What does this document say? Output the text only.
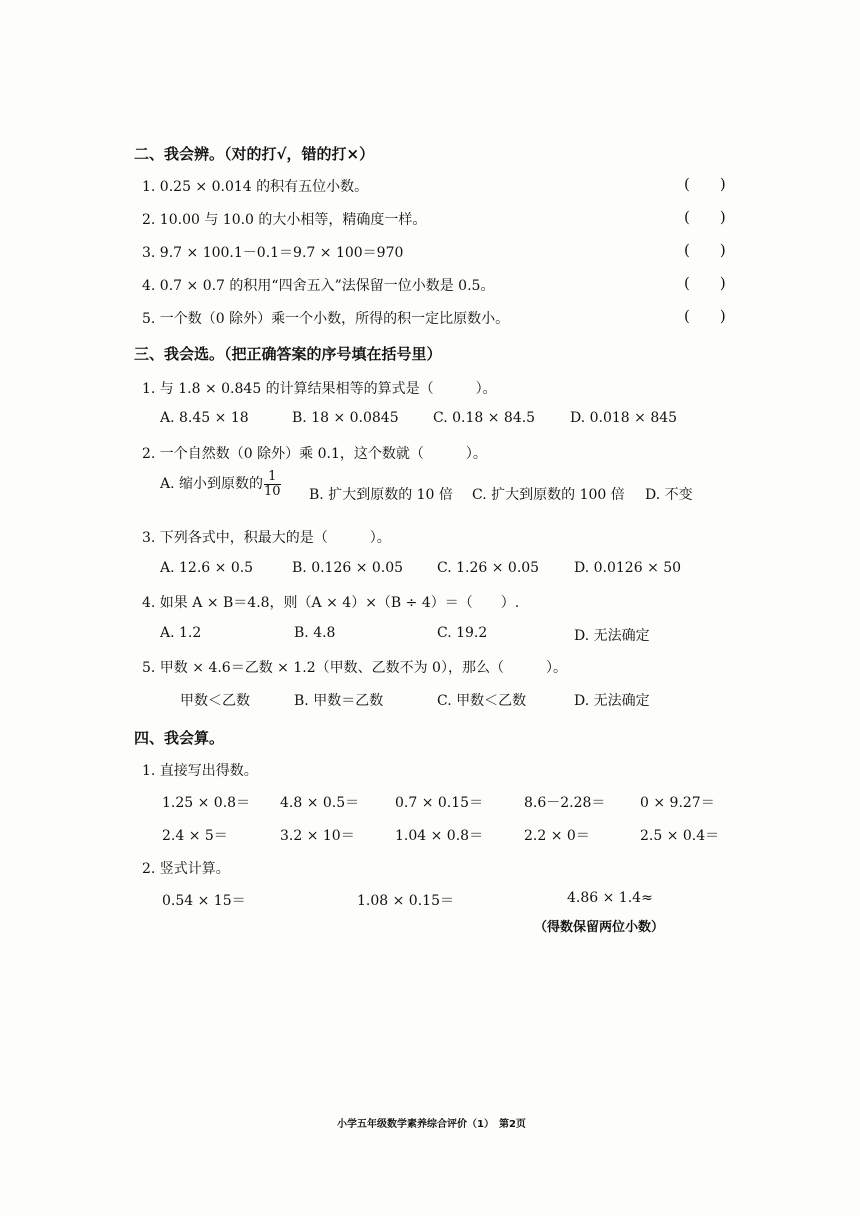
二、我会辨。（对的打√，错的打×）
1. 0.25 × 0.014 的积有五位小数。	(　　)
2. 10.00 与 10.0 的大小相等，精确度一样。	(　　)
3. 9.7 × 100.1－0.1＝9.7 × 100＝970	(　　)
4. 0.7 × 0.7 的积用“四舍五入”法保留一位小数是 0.5。	(　　)
5. 一个数（0 除外）乘一个小数，所得的积一定比原数小。	(　　)
三、我会选。（把正确答案的序号填在括号里）
1. 与 1.8 × 0.845 的计算结果相等的算式是（　　　）。
A. 8.45 × 18	B. 18 × 0.0845 C. 0.18 × 84.5 D. 0.018 × 845
2. 一个自然数（0 除外）乘 0.1，这个数就（　　　）。
A. 缩小到原数的 $\frac{1}{10} B$. 扩大到原数的 10 倍 C. 扩大到原数的 100 倍 D. 不变
3. 下列各式中，积最大的是（　　　）。
A. 12.6 × 0.5	B. 0.126 × 0.05 C. 1.26 × 0.05 D. 0.0126 × 50
4. 如果 A × B＝4.8，则（A × 4）×（B ÷ 4）＝（　　）.
A. 1.2	B. 4.8	C. 19.2	D. 无法确定
5. 甲数 × 4.6＝乙数 × 1.2（甲数、乙数不为 0），那么（　　　）。
甲数＜乙数	B. 甲数＝乙数	C. 甲数＜乙数	D. 无法确定
四、我会算。
1. 直接写出得数。
1.25 × 0.8＝ 4.8 × 0.5＝	0.7 × 0.15＝	8.6－2.28＝ 0 × 9.27＝
2.4 × 5＝	3.2 × 10＝	1.04 × 0.8＝	2.2 × 0＝	2.5 × 0.4＝
2. 竖式计算。
0.54 × 15＝	1.08 × 0.15＝	4.86 × 1.4≈
（得数保留两位小数）
小学五年级数学素养综合评价（1）　第2页
